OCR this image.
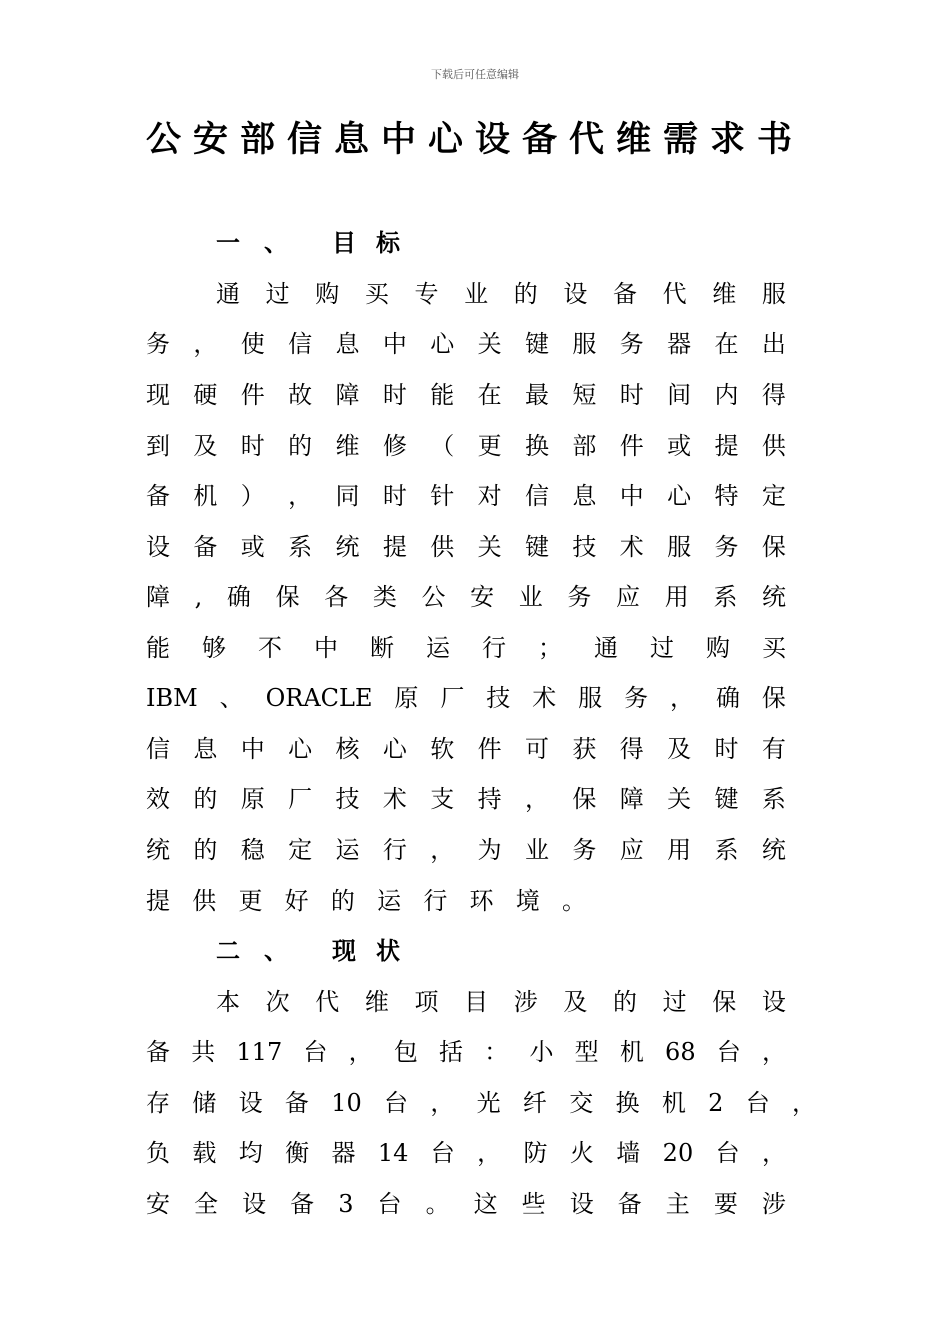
下载后可任意编辑
公安部信息中心设备代维需求书
一、 目标
通 过 购 买 专 业 的 设 备 代 维 服
务 ， 使 信 息 中 心 关 键 服 务 器 在 出
现 硬 件 故 障 时 能 在 最 短 时 间 内 得
到 及 时 的 维 修 （ 更 换 部 件 或 提 供
备 机 ） ， 同 时 针 对 信 息 中 心 特 定
设 备 或 系 统 提 供 关 键 技 术 服 务 保
障 , 确 保 各 类 公 安 业 务 应 用 系 统
能 够 不 中 断 运 行 ； 通 过 购 买
IBM 、 ORACLE 原 厂 技 术 服 务 ， 确 保
信 息 中 心 核 心 软 件 可 获 得 及 时 有
效 的 原 厂 技 术 支 持 ， 保 障 关 键 系
统 的 稳 定 运 行 ， 为 业 务 应 用 系 统
提 供 更 好 的 运 行 环 境 。
二、 现状
本 次 代 维 项 目 涉 及 的 过 保 设
备 共 117 台 ， 包 括 ： 小 型 机 68 台 ，
存 储 设 备 10 台 ， 光 纤 交 换 机 2 台 ，
负 载 均 衡 器 14 台 ， 防 火 墙 20 台 ，
安 全 设 备 3 台 。 这 些 设 备 主 要 涉
